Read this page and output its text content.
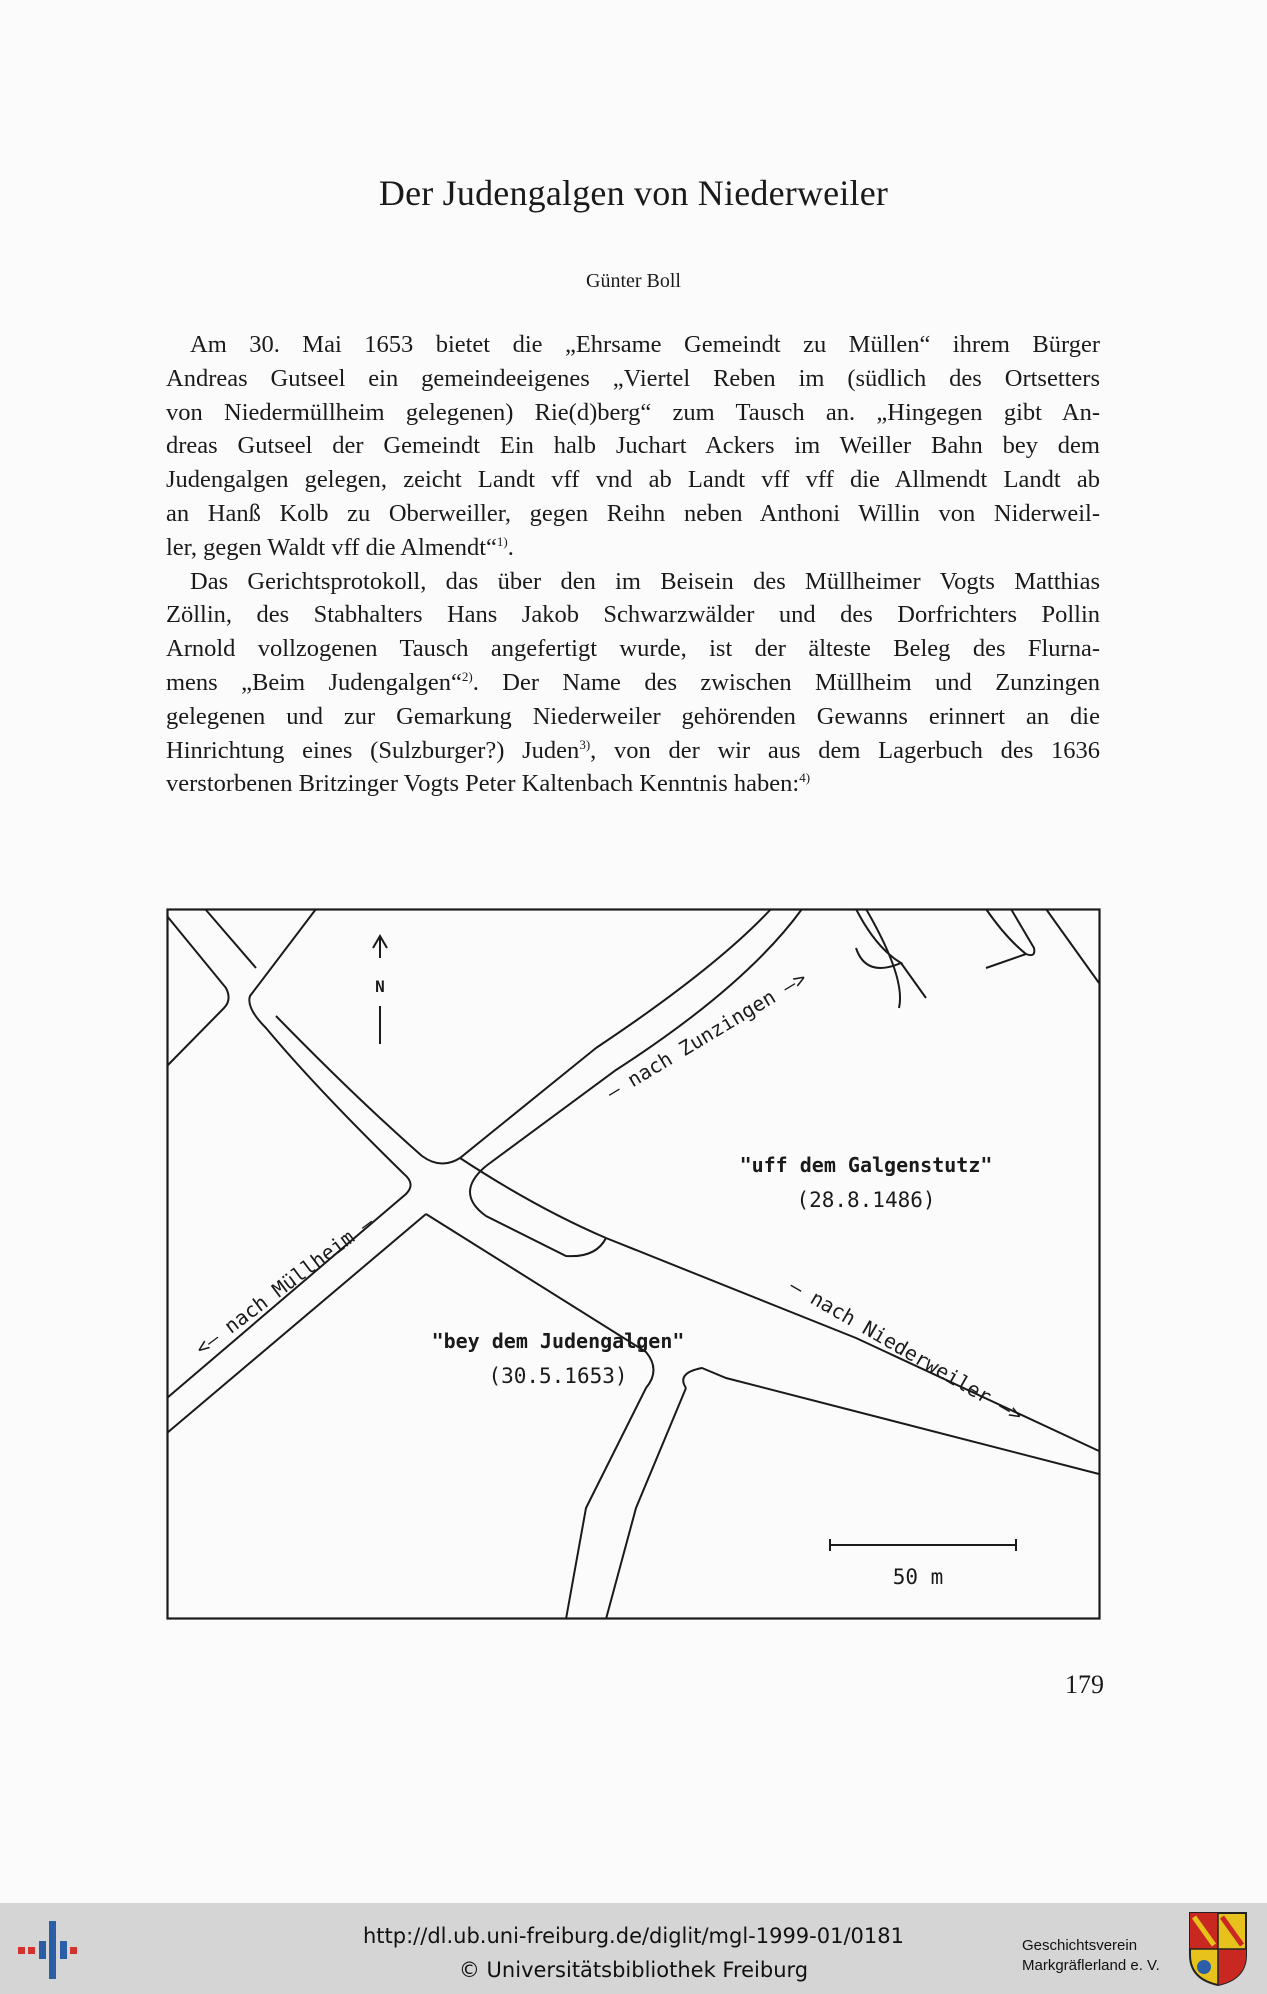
Der Judengalgen von Niederweiler
Günter Boll
Am 30. Mai 1653 bietet die „Ehrsame Gemeindt zu Müllen“ ihrem Bürger
Andreas Gutseel ein gemeindeeigenes „Viertel Reben im (südlich des Ortsetters
von Niedermüllheim gelegenen) Rie(d)berg“ zum Tausch an. „Hingegen gibt An-
dreas Gutseel der Gemeindt Ein halb Juchart Ackers im Weiller Bahn bey dem
Judengalgen gelegen, zeicht Landt vff vnd ab Landt vff vff die Allmendt Landt ab
an Hanß Kolb zu Oberweiller, gegen Reihn neben Anthoni Willin von Niderweil-
ler, gegen Waldt vff die Almendt“$^{1)}$.
Das Gerichtsprotokoll, das über den im Beisein des Müllheimer Vogts Matthias
Zöllin, des Stabhalters Hans Jakob Schwarzwälder und des Dorfrichters Pollin
Arnold vollzogenen Tausch angefertigt wurde, ist der älteste Beleg des Flurna-
mens „Beim Judengalgen“$^{2)}$. Der Name des zwischen Müllheim und Zunzingen
gelegenen und zur Gemarkung Niederweiler gehörenden Gewanns erinnert an die
Hinrichtung eines (Sulzburger?) Juden$^{3)}$, von der wir aus dem Lagerbuch des 1636
verstorbenen Britzinger Vogts Peter Kaltenbach Kenntnis haben:$^{4)}$
N	— nach Zunzingen —>
<— nach Müllheim —	— nach Niederweiler —>
"uff dem Galgenstutz"
(28.8.1486)
"bey dem Judengalgen"
(30.5.1653)
50 m
179
http://dl.ub.uni-freiburg.de/diglit/mgl-1999-01/0181
© Universitätsbibliothek Freiburg
Geschichtsverein
Markgräflerland e. V.
